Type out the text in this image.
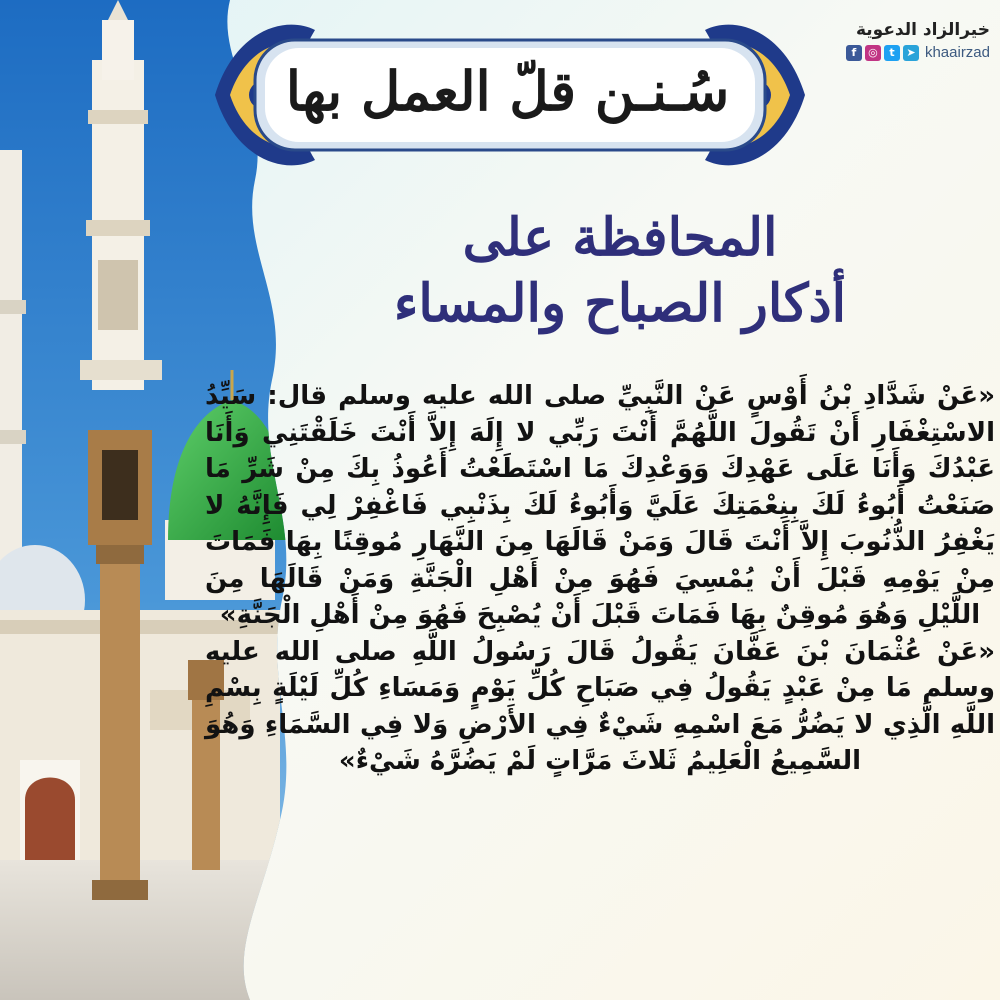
سُـنـن قلّ العمل بها
خيرالزاد الدعوية
f	◎	t	➤ khaairzad
المحافظة على
أذكار الصباح والمساء

«عَنْ شَدَّادِ بْنُ أَوْسٍ عَنْ النَّبِيِّ صلى الله عليه وسلم قال: سَيِّدُ الاسْتِغْفَارِ أَنْ تَقُولَ اللَّهُمَّ أَنْتَ رَبِّي لا إِلَهَ إِلاَّ أَنْتَ خَلَقْتَنِي وَأَنَا عَبْدُكَ وَأَنَا عَلَى عَهْدِكَ وَوَعْدِكَ مَا اسْتَطَعْتُ أَعُوذُ بِكَ مِنْ شَرِّ مَا صَنَعْتُ أَبُوءُ لَكَ بِنِعْمَتِكَ عَلَيَّ وَأَبُوءُ لَكَ بِذَنْبِي فَاغْفِرْ لِي فَإِنَّهُ لا يَغْفِرُ الذُّنُوبَ إِلاَّ أَنْتَ قَالَ وَمَنْ قَالَهَا مِنَ النَّهَارِ مُوقِنًا بِهَا فَمَاتَ مِنْ يَوْمِهِ قَبْلَ أَنْ يُمْسِيَ فَهُوَ مِنْ أَهْلِ الْجَنَّةِ وَمَنْ قَالَهَا مِنَ اللَّيْلِ وَهُوَ مُوقِنٌ بِهَا فَمَاتَ قَبْلَ أَنْ يُصْبِحَ فَهُوَ مِنْ أَهْلِ الْجَنَّةِ»

«عَنْ عُثْمَانَ بْنَ عَفَّانَ يَقُولُ قَالَ رَسُولُ اللَّهِ صلى الله عليه وسلم مَا مِنْ عَبْدٍ يَقُولُ فِي صَبَاحِ كُلِّ يَوْمٍ وَمَسَاءِ كُلِّ لَيْلَةٍ بِسْمِ اللَّهِ الَّذِي لا يَضُرُّ مَعَ اسْمِهِ شَيْءٌ فِي الأَرْضِ وَلا فِي السَّمَاءِ وَهُوَ السَّمِيعُ الْعَلِيمُ ثَلاثَ مَرَّاتٍ لَمْ يَضُرَّهُ شَيْءٌ»
